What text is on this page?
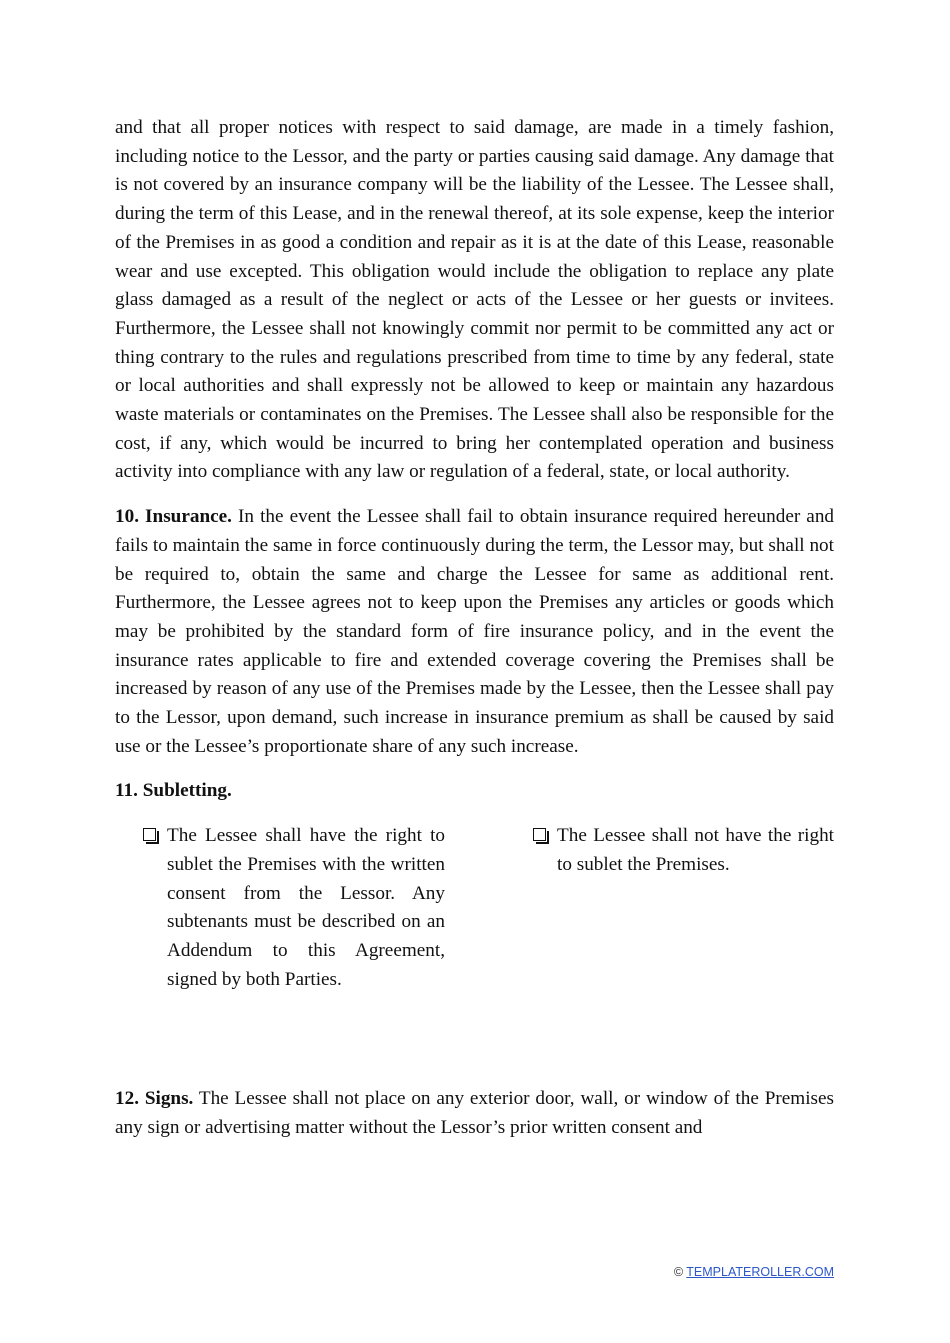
and that all proper notices with respect to said damage, are made in a timely fashion, including notice to the Lessor, and the party or parties causing said damage. Any damage that is not covered by an insurance company will be the liability of the Lessee. The Lessee shall, during the term of this Lease, and in the renewal thereof, at its sole expense, keep the interior of the Premises in as good a condition and repair as it is at the date of this Lease, reasonable wear and use excepted. This obligation would include the obligation to replace any plate glass damaged as a result of the neglect or acts of the Lessee or her guests or invitees. Furthermore, the Lessee shall not knowingly commit nor permit to be committed any act or thing contrary to the rules and regulations prescribed from time to time by any federal, state or local authorities and shall expressly not be allowed to keep or maintain any hazardous waste materials or contaminates on the Premises. The Lessee shall also be responsible for the cost, if any, which would be incurred to bring her contemplated operation and business activity into compliance with any law or regulation of a federal, state, or local authority.

10. Insurance. In the event the Lessee shall fail to obtain insurance required hereunder and fails to maintain the same in force continuously during the term, the Lessor may, but shall not be required to, obtain the same and charge the Lessee for same as additional rent. Furthermore, the Lessee agrees not to keep upon the Premises any articles or goods which may be prohibited by the standard form of fire insurance policy, and in the event the insurance rates applicable to fire and extended coverage covering the Premises shall be increased by reason of any use of the Premises made by the Lessee, then the Lessee shall pay to the Lessor, upon demand, such increase in insurance premium as shall be caused by said use or the Lessee’s proportionate share of any such increase.

11. Subletting.

The Lessee shall have the right to sublet the Premises with the written consent from the Lessor. Any subtenants must be described on an Addendum to this Agreement, signed by both Parties.
The Lessee shall not have the right to sublet the Premises.

12. Signs. The Lessee shall not place on any exterior door, wall, or window of the Premises any sign or advertising matter without the Lessor’s prior written consent and

© TEMPLATEROLLER.COM
